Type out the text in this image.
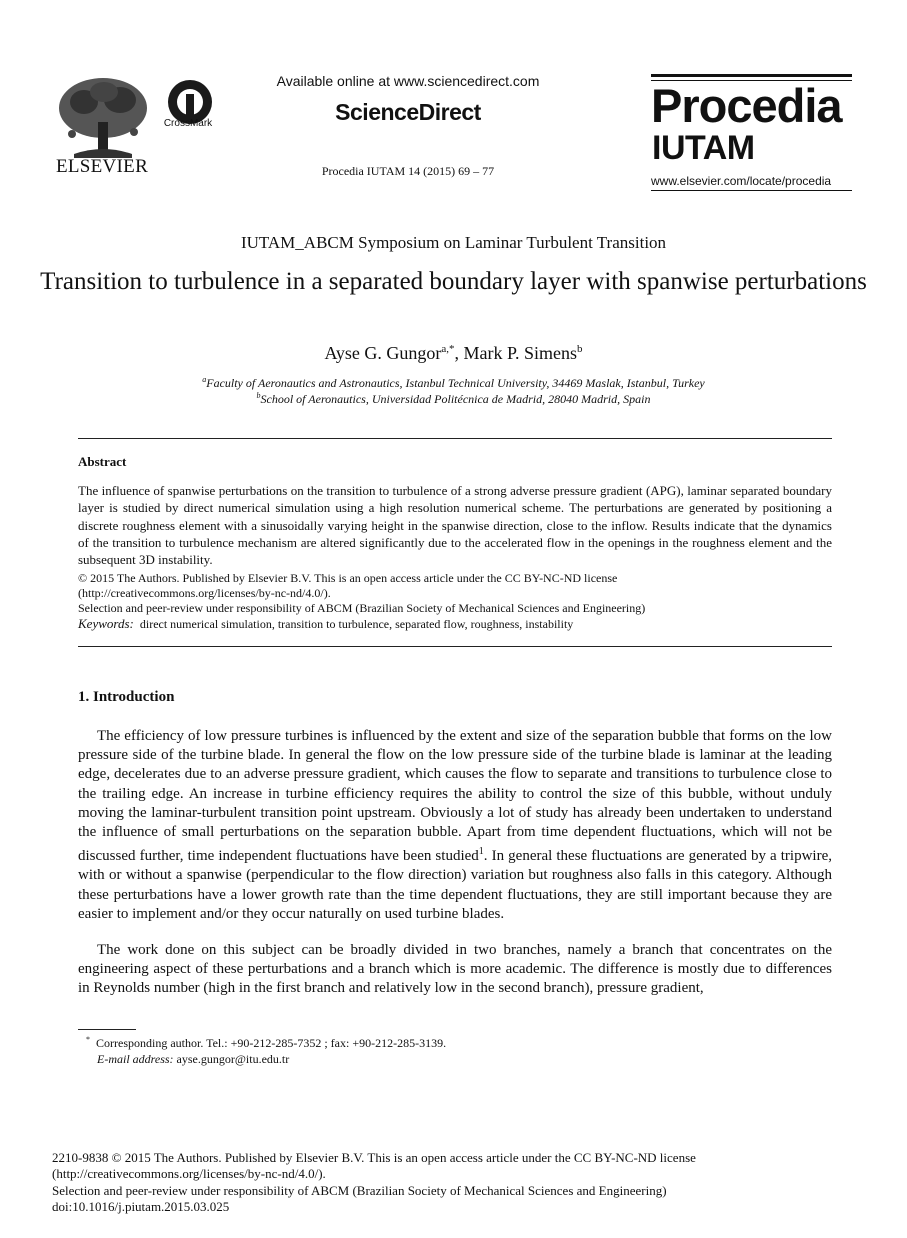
ELSEVIER
CrossMark
Available online at www.sciencedirect.com
ScienceDirect
Procedia IUTAM 14 (2015) 69 – 77
Procedia
IUTAM
www.elsevier.com/locate/procedia
IUTAM_ABCM Symposium on Laminar Turbulent Transition
Transition to turbulence in a separated boundary layer with spanwise perturbations
Ayse G. Gungor$^{a,*}$, Mark P. Simens$^b$
$^a$Faculty of Aeronautics and Astronautics, Istanbul Technical University, 34469 Maslak, Istanbul, Turkey
$^b$School of Aeronautics, Universidad Politécnica de Madrid, 28040 Madrid, Spain
Abstract
The influence of spanwise perturbations on the transition to turbulence of a strong adverse pressure gradient (APG), laminar separated boundary layer is studied by direct numerical simulation using a high resolution numerical scheme. The perturbations are generated by positioning a discrete roughness element with a sinusoidally varying height in the spanwise direction, close to the inflow. Results indicate that the dynamics of the transition to turbulence mechanism are altered significantly due to the accelerated flow in the openings in the roughness element and the subsequent 3D instability.
© 2015 The Authors. Published by Elsevier B.V. This is an open access article under the CC BY-NC-ND license
(http://creativecommons.org/licenses/by-nc-nd/4.0/).
Selection and peer-review under responsibility of ABCM (Brazilian Society of Mechanical Sciences and Engineering)
Keywords: direct numerical simulation, transition to turbulence, separated flow, roughness, instability
1. Introduction
The efficiency of low pressure turbines is influenced by the extent and size of the separation bubble that forms on the low pressure side of the turbine blade. In general the flow on the low pressure side of the turbine blade is laminar at the leading edge, decelerates due to an adverse pressure gradient, which causes the flow to separate and transitions to turbulence close to the trailing edge. An increase in turbine efficiency requires the ability to control the size of this bubble, without unduly moving the laminar-turbulent transition point upstream. Obviously a lot of study has already been undertaken to understand the influence of small perturbations on the separation bubble. Apart from time dependent fluctuations, which will not be discussed further, time independent fluctuations have been studied$^1$. In general these fluctuations are generated by a tripwire, with or without a spanwise (perpendicular to the flow direction) variation but roughness also falls in this category. Although these perturbations have a lower growth rate than the time dependent fluctuations, they are still important because they are easier to implement and/or they occur naturally on used turbine blades.
The work done on this subject can be broadly divided in two branches, namely a branch that concentrates on the engineering aspect of these perturbations and a branch which is more academic. The difference is mostly due to differences in Reynolds number (high in the first branch and relatively low in the second branch), pressure gradient,
* Corresponding author. Tel.: +90-212-285-7352 ; fax: +90-212-285-3139.
E-mail address: ayse.gungor@itu.edu.tr
2210-9838 © 2015 The Authors. Published by Elsevier B.V. This is an open access article under the CC BY-NC-ND license
(http://creativecommons.org/licenses/by-nc-nd/4.0/).
Selection and peer-review under responsibility of ABCM (Brazilian Society of Mechanical Sciences and Engineering)
doi:10.1016/j.piutam.2015.03.025
